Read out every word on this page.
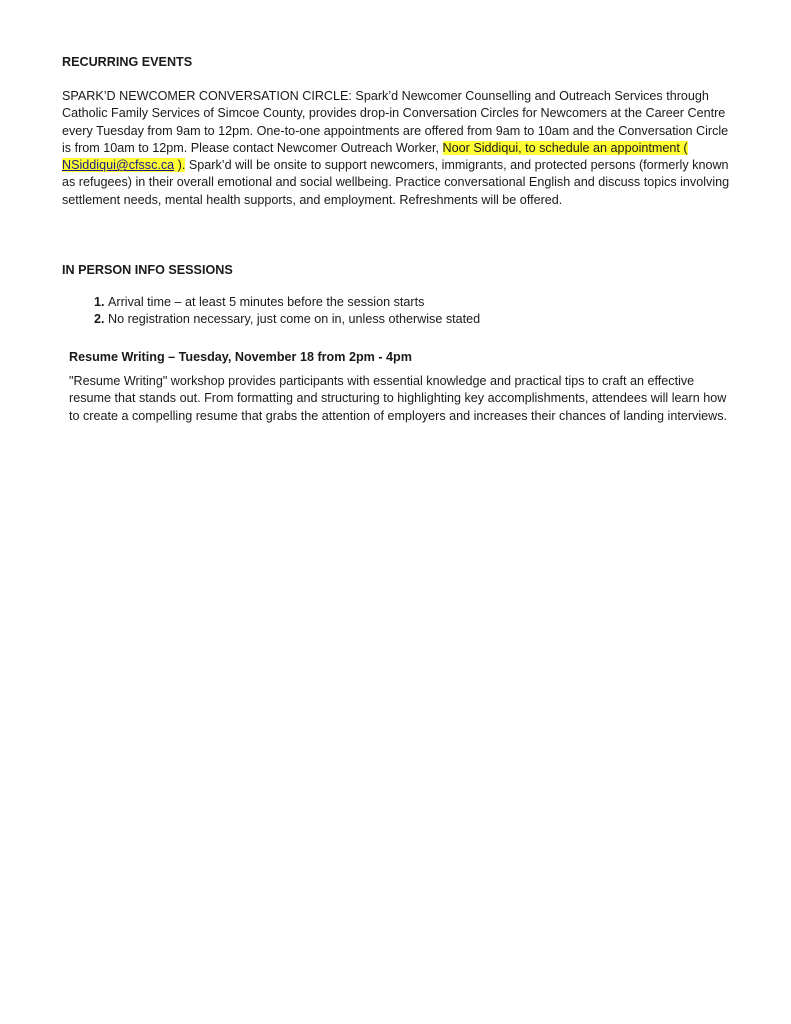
RECURRING EVENTS

SPARK’D NEWCOMER CONVERSATION CIRCLE: Spark’d Newcomer Counselling and Outreach Services through Catholic Family Services of Simcoe County, provides drop-in Conversation Circles for Newcomers at the Career Centre every Tuesday from 9am to 12pm. One-to-one appointments are offered from 9am to 10am and the Conversation Circle is from 10am to 12pm. Please contact Newcomer Outreach Worker, Noor Siddiqui, to schedule an appointment ( NSiddiqui@cfssc.ca ). Spark’d will be onsite to support newcomers, immigrants, and protected persons (formerly known as refugees) in their overall emotional and social wellbeing. Practice conversational English and discuss topics involving settlement needs, mental health supports, and employment. Refreshments will be offered.

IN PERSON INFO SESSIONS

1. Arrival time – at least 5 minutes before the session starts
2. No registration necessary, just come on in, unless otherwise stated

Resume Writing – Tuesday, November 18 from 2pm - 4pm

"Resume Writing" workshop provides participants with essential knowledge and practical tips to craft an effective resume that stands out. From formatting and structuring to highlighting key accomplishments, attendees will learn how to create a compelling resume that grabs the attention of employers and increases their chances of landing interviews.
